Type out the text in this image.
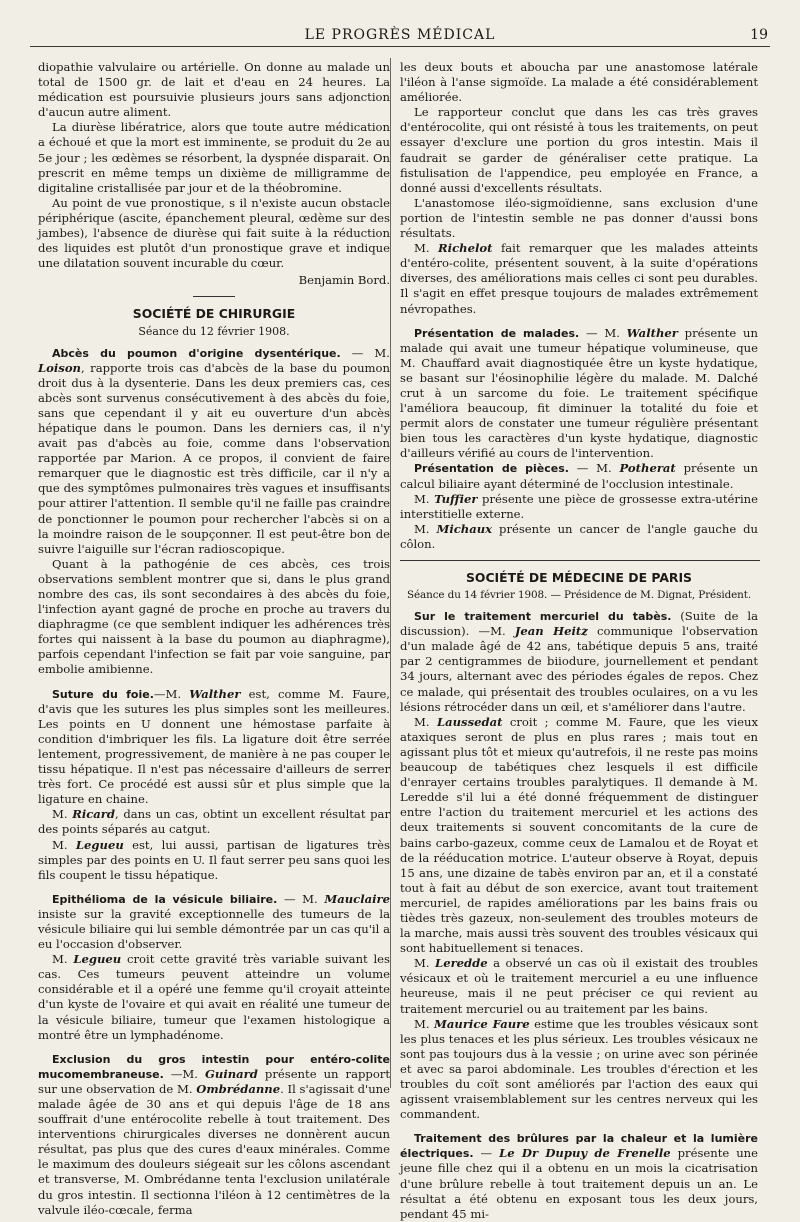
LE PROGRÈS MÉDICAL	19

diopathie valvulaire ou artérielle. On donne au malade un total de 1500 gr. de lait et d'eau en 24 heures. La médication est poursuivie plusieurs jours sans adjonction d'aucun autre aliment.

La diurèse libératrice, alors que toute autre médication a échoué et que la mort est imminente, se produit du 2e au 5e jour ; les œdèmes se résorbent, la dyspnée disparait. On prescrit en même temps un dixième de milligramme de digitaline cristallisée par jour et de la théobromine.

Au point de vue pronostique, s il n'existe aucun obstacle périphérique (ascite, épanchement pleural, œdème sur des jambes), l'absence de diurèse qui fait suite à la réduction des liquides est plutôt d'un pronostique grave et indique une dilatation souvent incurable du cœur.

Benjamin Bord.
SOCIÉTÉ DE CHIRURGIE
Séance du 12 février 1908.

Abcès du poumon d'origine dysentérique. — M. Loison, rapporte trois cas d'abcès de la base du poumon droit dus à la dysenterie. Dans les deux premiers cas, ces abcès sont survenus consécutivement à des abcès du foie, sans que cependant il y ait eu ouverture d'un abcès hépatique dans le poumon. Dans les derniers cas, il n'y avait pas d'abcès au foie, comme dans l'observation rapportée par Marion. A ce propos, il convient de faire remarquer que le diagnostic est très difficile, car il n'y a que des symptômes pulmonaires très vagues et insuffisants pour attirer l'attention. Il semble qu'il ne faille pas craindre de ponctionner le poumon pour rechercher l'abcès si on a la moindre raison de le soupçonner. Il est peut-être bon de suivre l'aiguille sur l'écran radioscopique.

Quant à la pathogénie de ces abcès, ces trois observations semblent montrer que si, dans le plus grand nombre des cas, ils sont secondaires à des abcès du foie, l'infection ayant gagné de proche en proche au travers du diaphragme (ce que semblent indiquer les adhérences très fortes qui naissent à la base du poumon au diaphragme), parfois cependant l'infection se fait par voie sanguine, par embolie amibienne.

Suture du foie.—M. Walther est, comme M. Faure, d'avis que les sutures les plus simples sont les meilleures. Les points en U donnent une hémostase parfaite à condition d'imbriquer les fils. La ligature doit être serrée lentement, progressivement, de manière à ne pas couper le tissu hépatique. Il n'est pas nécessaire d'ailleurs de serrer très fort. Ce procédé est aussi sûr et plus simple que la ligature en chaine.

M. Ricard, dans un cas, obtint un excellent résultat par des points séparés au catgut.

M. Legueu est, lui aussi, partisan de ligatures très simples par des points en U. Il faut serrer peu sans quoi les fils coupent le tissu hépatique.

Epithélioma de la vésicule biliaire. — M. Mauclaire insiste sur la gravité exceptionnelle des tumeurs de la vésicule biliaire qui lui semble démontrée par un cas qu'il a eu l'occasion d'observer.

M. Legueu croit cette gravité très variable suivant les cas. Ces tumeurs peuvent atteindre un volume considérable et il a opéré une femme qu'il croyait atteinte d'un kyste de l'ovaire et qui avait en réalité une tumeur de la vésicule biliaire, tumeur que l'examen histologique a montré être un lymphadénome.

Exclusion du gros intestin pour entéro-colite mucomembraneuse. —M. Guinard présente un rapport sur une observation de M. Ombrédanne. Il s'agissait d'une malade âgée de 30 ans et qui depuis l'âge de 18 ans souffrait d'une entérocolite rebelle à tout traitement. Des interventions chirurgicales diverses ne donnèrent aucun résultat, pas plus que des cures d'eaux minérales. Comme le maximum des douleurs siégeait sur les côlons ascendant et transverse, M. Ombrédanne tenta l'exclusion unilatérale du gros intestin. Il sectionna l'iléon à 12 centimètres de la valvule iléo-cœcale, ferma

les deux bouts et aboucha par une anastomose latérale l'iléon à l'anse sigmoïde. La malade a été considérablement améliorée.

Le rapporteur conclut que dans les cas très graves d'entérocolite, qui ont résisté à tous les traitements, on peut essayer d'exclure une portion du gros intestin. Mais il faudrait se garder de généraliser cette pratique. La fistulisation de l'appendice, peu employée en France, a donné aussi d'excellents résultats.

L'anastomose iléo-sigmoïdienne, sans exclusion d'une portion de l'intestin semble ne pas donner d'aussi bons résultats.

M. Richelot fait remarquer que les malades atteints d'entéro-colite, présentent souvent, à la suite d'opérations diverses, des améliorations mais celles ci sont peu durables. Il s'agit en effet presque toujours de malades extrêmement névropathes.

Présentation de malades. — M. Walther présente un malade qui avait une tumeur hépatique volumineuse, que M. Chauffard avait diagnostiquée être un kyste hydatique, se basant sur l'éosinophilie légère du malade. M. Dalché crut à un sarcome du foie. Le traitement spécifique l'améliora beaucoup, fit diminuer la totalité du foie et permit alors de constater une tumeur régulière présentant bien tous les caractères d'un kyste hydatique, diagnostic d'ailleurs vérifié au cours de l'intervention.

Présentation de pièces. — M. Potherat présente un calcul biliaire ayant déterminé de l'occlusion intestinale.

M. Tuffier présente une pièce de grossesse extra-utérine interstitielle externe.

M. Michaux présente un cancer de l'angle gauche du côlon.

SOCIÉTÉ DE MÉDECINE DE PARIS
Séance du 14 février 1908. — Présidence de M. Dignat, Président.

Sur le traitement mercuriel du tabès. (Suite de la discussion). —M. Jean Heitz communique l'observation d'un malade âgé de 42 ans, tabétique depuis 5 ans, traité par 2 centigrammes de biiodure, journellement et pendant 34 jours, alternant avec des périodes égales de repos. Chez ce malade, qui présentait des troubles oculaires, on a vu les lésions rétrocéder dans un œil, et s'améliorer dans l'autre.

M. Laussedat croit ; comme M. Faure, que les vieux ataxiques seront de plus en plus rares ; mais tout en agissant plus tôt et mieux qu'autrefois, il ne reste pas moins beaucoup de tabétiques chez lesquels il est difficile d'enrayer certains troubles paralytiques. Il demande à M. Leredde s'il lui a été donné fréquemment de distinguer entre l'action du traitement mercuriel et les actions des deux traitements si souvent concomitants de la cure de bains carbo-gazeux, comme ceux de Lamalou et de Royat et de la rééducation motrice. L'auteur observe à Royat, depuis 15 ans, une dizaine de tabès environ par an, et il a constaté tout à fait au début de son exercice, avant tout traitement mercuriel, de rapides améliorations par les bains frais ou tièdes très gazeux, non-seulement des troubles moteurs de la marche, mais aussi très souvent des troubles vésicaux qui sont habituellement si tenaces.

M. Leredde a observé un cas où il existait des troubles vésicaux et où le traitement mercuriel a eu une influence heureuse, mais il ne peut préciser ce qui revient au traitement mercuriel ou au traitement par les bains.

M. Maurice Faure estime que les troubles vésicaux sont les plus tenaces et les plus sérieux. Les troubles vésicaux ne sont pas toujours dus à la vessie ; on urine avec son périnée et avec sa paroi abdominale. Les troubles d'érection et les troubles du coït sont améliorés par l'action des eaux qui agissent vraisemblablement sur les centres nerveux qui les commandent.

Traitement des brûlures par la chaleur et la lumière électriques. — Le Dr Dupuy de Frenelle présente une jeune fille chez qui il a obtenu en un mois la cicatrisation d'une brûlure rebelle à tout traitement depuis un an. Le résultat a été obtenu en exposant tous les deux jours, pendant 45 mi-
